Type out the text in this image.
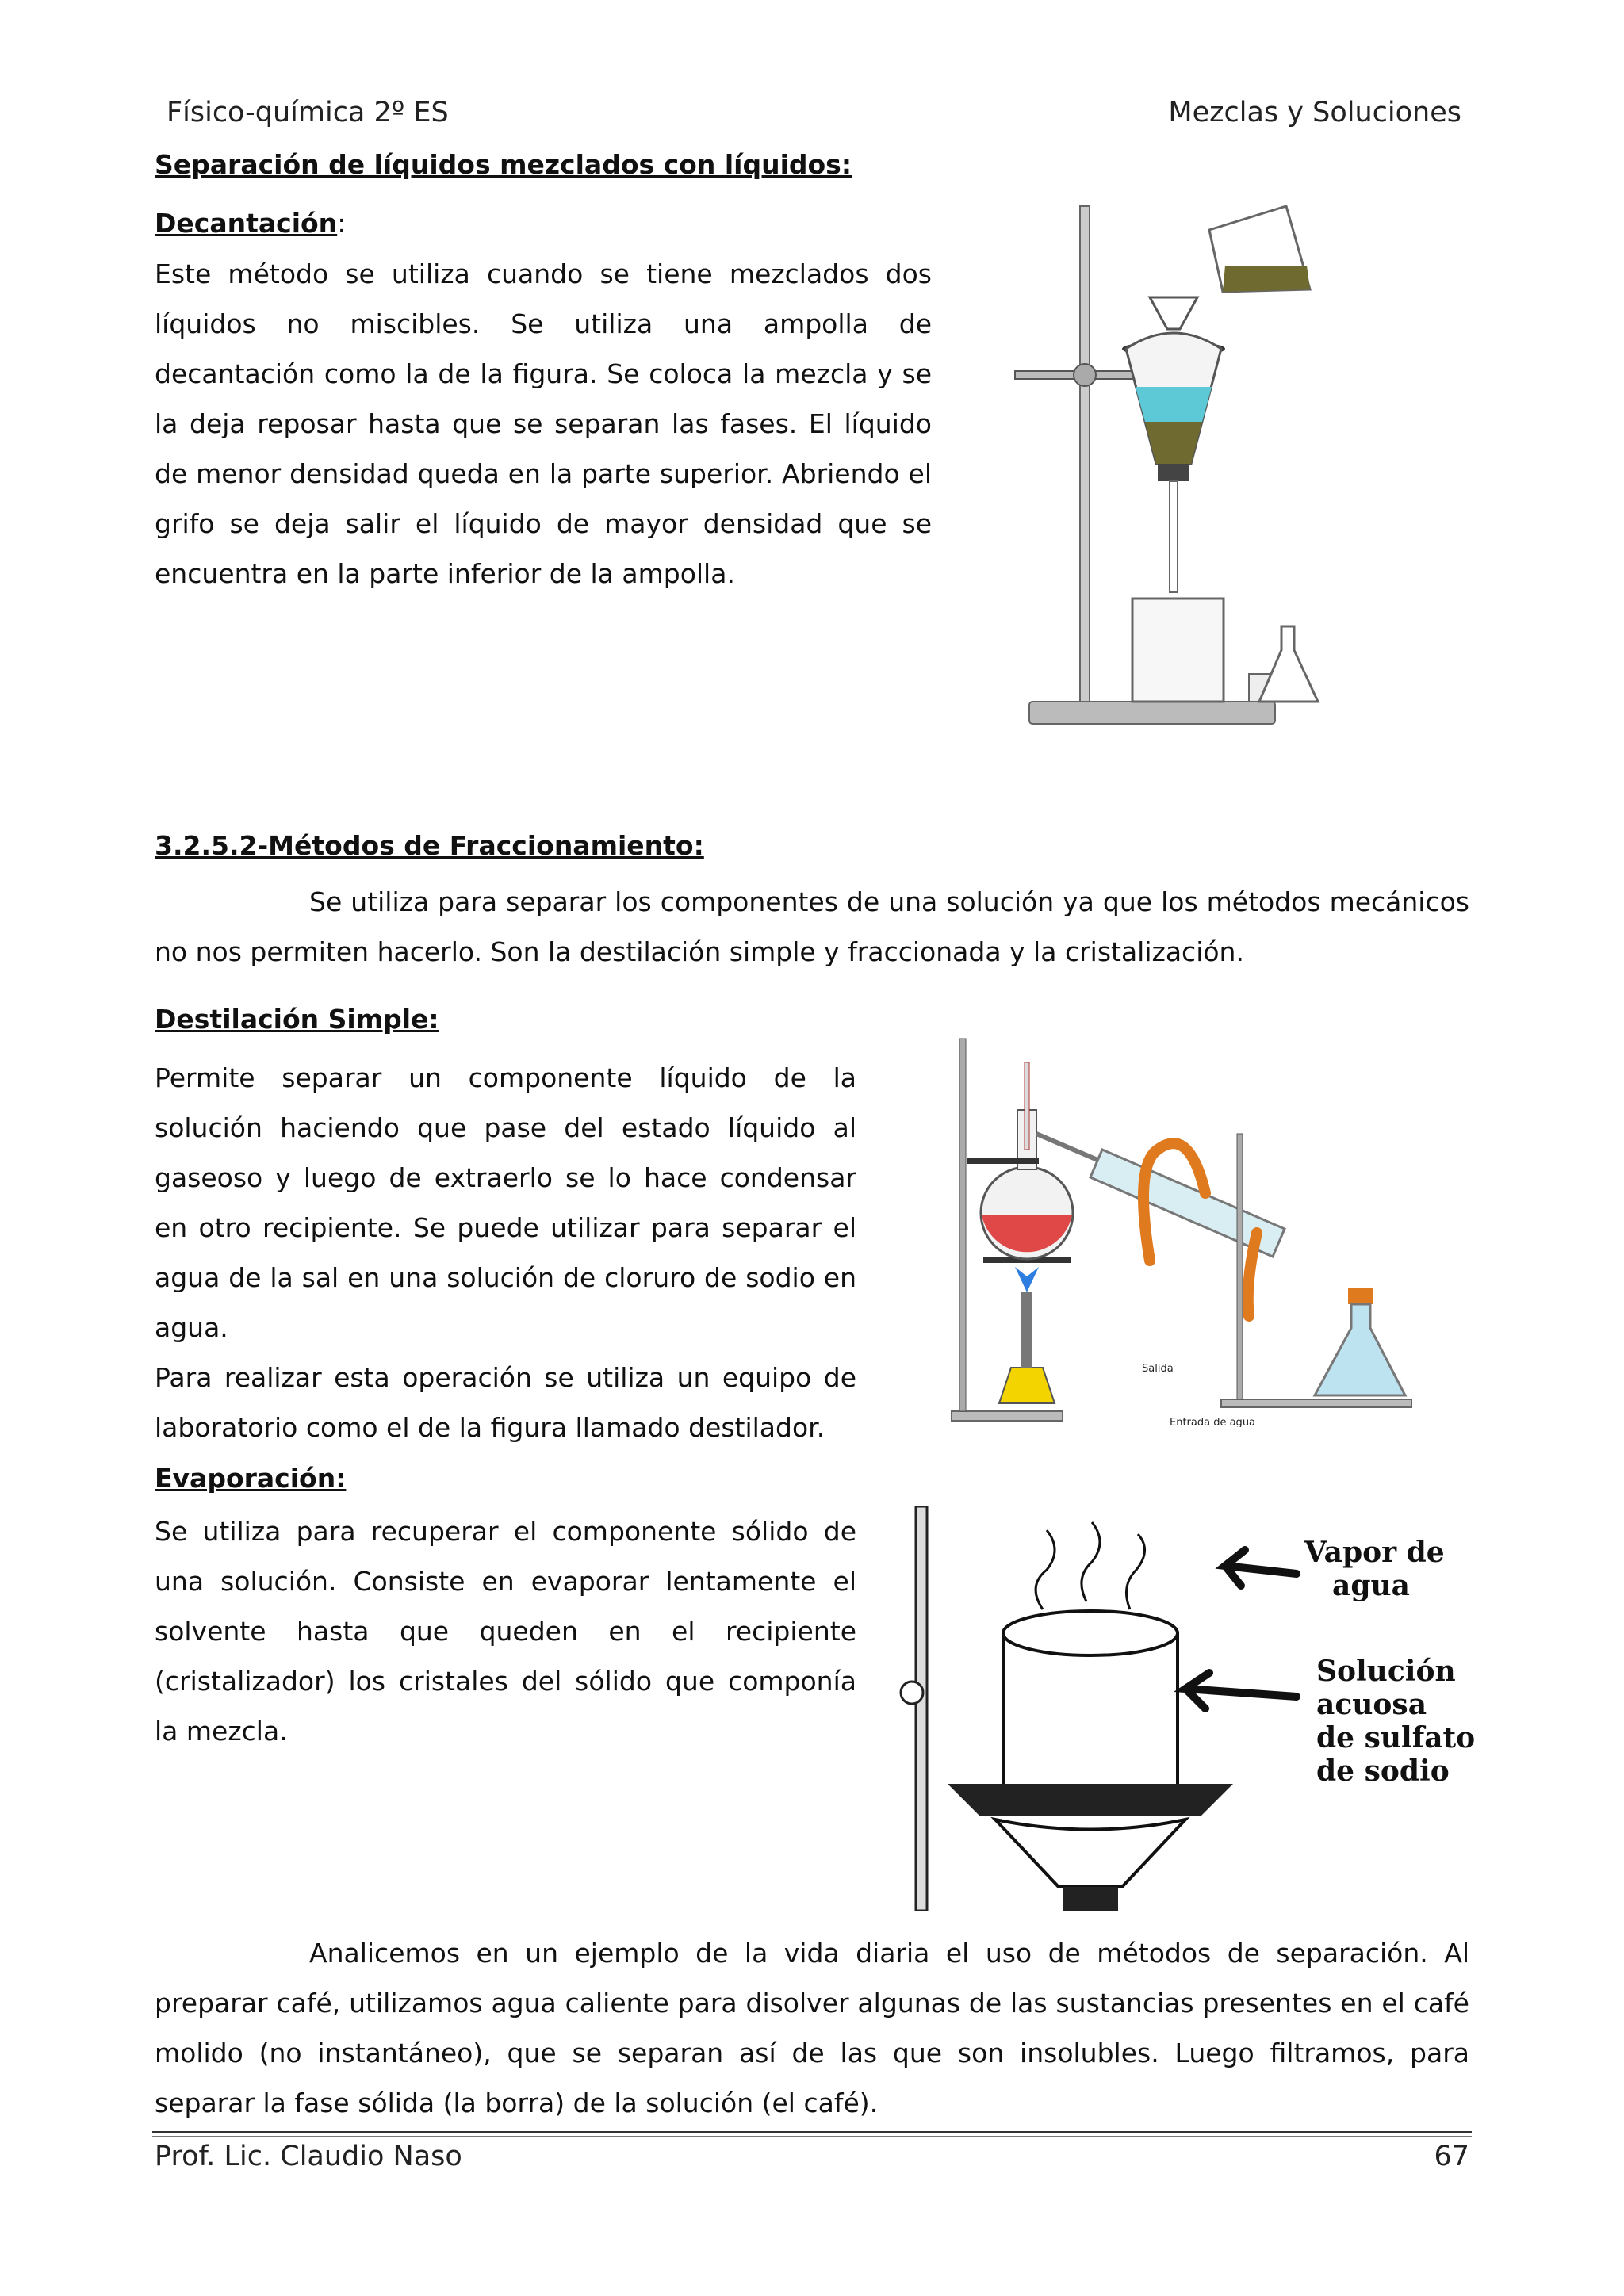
Físico-química 2º ES	Mezclas y Soluciones
Separación de líquidos mezclados con líquidos:
Decantación:

Este método se utiliza cuando se tiene mezclados dos líquidos no miscibles. Se utiliza una ampolla de decantación como la de la figura. Se coloca la mezcla y se la deja reposar hasta que se separan las fases. El líquido de menor densidad queda en la parte superior. Abriendo el grifo se deja salir el líquido de mayor densidad que se encuentra en la parte inferior de la ampolla.

3.2.5.2-Métodos de Fraccionamiento:

Se utiliza para separar los componentes de una solución ya que los métodos mecánicos no nos permiten hacerlo. Son la destilación simple y fraccionada y la cristalización.

Destilación Simple:

Permite separar un componente líquido de la solución haciendo que pase del estado líquido al gaseoso y luego de extraerlo se lo hace condensar en otro recipiente. Se puede utilizar para separar el agua de la sal en una solución de cloruro de sodio en agua.

Para realizar esta operación se utiliza un equipo de laboratorio como el de la figura llamado destilador.

Salida
Entrada de agua
Evaporación:

Se utiliza para recuperar el componente sólido de una solución. Consiste en evaporar lentamente el solvente hasta que queden en el recipiente (cristalizador) los cristales del sólido que componía la mezcla.

Vapor de
agua
Solución
acuosa
de sulfato
de sodio

Analicemos en un ejemplo de la vida diaria el uso de métodos de separación. Al preparar café, utilizamos agua caliente para disolver algunas de las sustancias presentes en el café molido (no instantáneo), que se separan así de las que son insolubles. Luego filtramos, para separar la fase sólida (la borra) de la solución (el café).

Prof. Lic. Claudio Naso	67
